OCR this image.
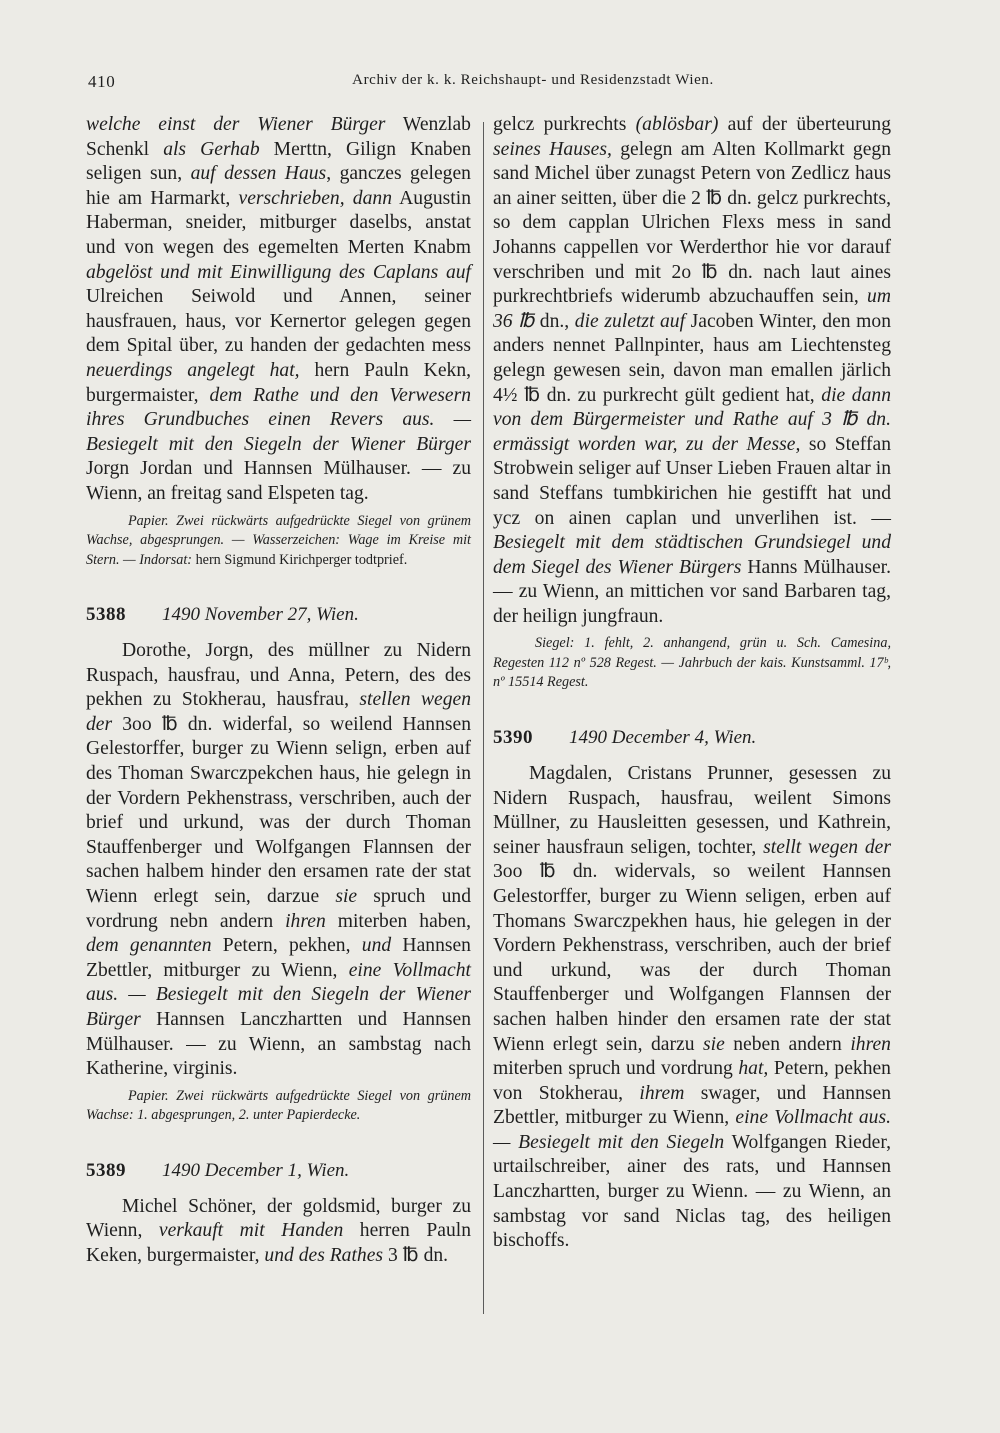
410	Archiv der k. k. Reichshaupt- und Residenzstadt Wien.

welche einst der Wiener Bürger Wenzlab Schenkl als Gerhab Merttn, Gilign Knaben seligen sun, auf dessen Haus, ganczes gelegen hie am Harmarkt, verschrieben, dann Augustin Haberman, sneider, mitburger daselbs, anstat und von wegen des egemelten Merten Knabm abgelöst und mit Einwilligung des Caplans auf Ulreichen Seiwold und Annen, seiner hausfrauen, haus, vor Kernertor gelegen gegen dem Spital über, zu handen der gedachten mess neuerdings angelegt hat, hern Pauln Kekn, burgermaister, dem Rathe und den Verwesern ihres Grundbuches einen Revers aus. — Besiegelt mit den Siegeln der Wiener Bürger Jorgn Jordan und Hannsen Mülhauser. — zu Wienn, an freitag sand Elspeten tag.

Papier. Zwei rückwärts aufgedrückte Siegel von grünem Wachse, abgesprungen. — Wasserzeichen: Wage im Kreise mit Stern. — Indorsat: hern Sigmund Kirichperger todtprief.

5388 1490 November 27, Wien.

Dorothe, Jorgn, des müllner zu Nidern Ruspach, hausfrau, und Anna, Petern, des des pekhen zu Stokherau, hausfrau, stellen wegen der 3oo ℔ dn. widerfal, so weilend Hannsen Gelestorffer, burger zu Wienn selign, erben auf des Thoman Swarczpekchen haus, hie gelegn in der Vordern Pekhenstrass, verschriben, auch der brief und urkund, was der durch Thoman Stauffenberger und Wolfgangen Flannsen der sachen halbem hinder den ersamen rate der stat Wienn erlegt sein, darzue sie spruch und vordrung nebn andern ihren miterben haben, dem genannten Petern, pekhen, und Hannsen Zbettler, mitburger zu Wienn, eine Vollmacht aus. — Besiegelt mit den Siegeln der Wiener Bürger Hannsen Lanczhartten und Hannsen Mülhauser. — zu Wienn, an sambstag nach Katherine, virginis.

Papier. Zwei rückwärts aufgedrückte Siegel von grünem Wachse: 1. abgesprungen, 2. unter Papierdecke.

5389 1490 December 1, Wien.

Michel Schöner, der goldsmid, burger zu Wienn, verkauft mit Handen herren Pauln Keken, burgermaister, und des Rathes 3 ℔ dn.

gelcz purkrechts (ablösbar) auf der überteurung seines Hauses, gelegn am Alten Kollmarkt gegn sand Michel über zunagst Petern von Zedlicz haus an ainer seitten, über die 2 ℔ dn. gelcz purkrechts, so dem capplan Ulrichen Flexs mess in sand Johanns cappellen vor Werderthor hie vor darauf verschriben und mit 2o ℔ dn. nach laut aines purkrechtbriefs widerumb abzuchauffen sein, um 36 ℔ dn., die zuletzt auf Jacoben Winter, den mon anders nennet Pallnpinter, haus am Liechtensteg gelegn gewesen sein, davon man emallen järlich 4½ ℔ dn. zu purkrecht gült gedient hat, die dann von dem Bürgermeister und Rathe auf 3 ℔ dn. ermässigt worden war, zu der Messe, so Steffan Strobwein seliger auf Unser Lieben Frauen altar in sand Steffans tumbkirichen hie gestifft hat und ycz on ainen caplan und unverlihen ist. — Besiegelt mit dem städtischen Grundsiegel und dem Siegel des Wiener Bürgers Hanns Mülhauser. — zu Wienn, an mittichen vor sand Barbaren tag, der heilign jungfraun.

Siegel: 1. fehlt, 2. anhangend, grün u. Sch. Camesina, Regesten 112 nº 528 Regest. — Jahrbuch der kais. Kunstsamml. 17ᵇ, nº 15514 Regest.

5390 1490 December 4, Wien.

Magdalen, Cristans Prunner, gesessen zu Nidern Ruspach, hausfrau, weilent Simons Müllner, zu Hausleitten gesessen, und Kathrein, seiner hausfraun seligen, tochter, stellt wegen der 3oo ℔ dn. widervals, so weilent Hannsen Gelestorffer, burger zu Wienn seligen, erben auf Thomans Swarczpekhen haus, hie gelegen in der Vordern Pekhenstrass, verschriben, auch der brief und urkund, was der durch Thoman Stauffenberger und Wolfgangen Flannsen der sachen halben hinder den ersamen rate der stat Wienn erlegt sein, darzu sie neben andern ihren miterben spruch und vordrung hat, Petern, pekhen von Stokherau, ihrem swager, und Hannsen Zbettler, mitburger zu Wienn, eine Vollmacht aus. — Besiegelt mit den Siegeln Wolfgangen Rieder, urtailschreiber, ainer des rats, und Hannsen Lanczhartten, burger zu Wienn. — zu Wienn, an sambstag vor sand Niclas tag, des heiligen bischoffs.
